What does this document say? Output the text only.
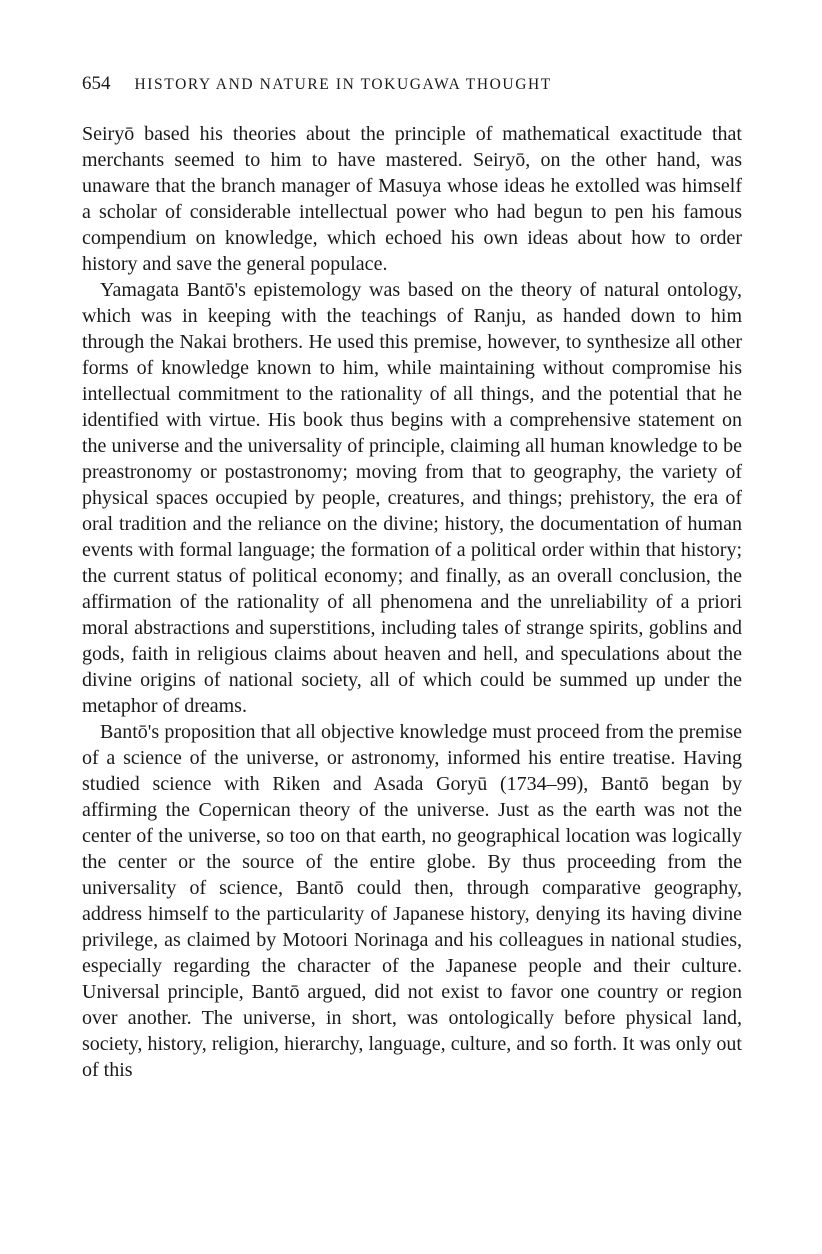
654 HISTORY AND NATURE IN TOKUGAWA THOUGHT

Seiryō based his theories about the principle of mathematical exactitude that merchants seemed to him to have mastered. Seiryō, on the other hand, was unaware that the branch manager of Masuya whose ideas he extolled was himself a scholar of considerable intellectual power who had begun to pen his famous compendium on knowledge, which echoed his own ideas about how to order history and save the general populace.

Yamagata Bantō's epistemology was based on the theory of natural ontology, which was in keeping with the teachings of Ranju, as handed down to him through the Nakai brothers. He used this premise, however, to synthesize all other forms of knowledge known to him, while maintaining without compromise his intellectual commitment to the rationality of all things, and the potential that he identified with virtue. His book thus begins with a comprehensive statement on the universe and the universality of principle, claiming all human knowledge to be preastronomy or postastronomy; moving from that to geography, the variety of physical spaces occupied by people, creatures, and things; prehistory, the era of oral tradition and the reliance on the divine; history, the documentation of human events with formal language; the formation of a political order within that history; the current status of political economy; and finally, as an overall conclusion, the affirmation of the rationality of all phenomena and the unreliability of a priori moral abstractions and superstitions, including tales of strange spirits, goblins and gods, faith in religious claims about heaven and hell, and speculations about the divine origins of national society, all of which could be summed up under the metaphor of dreams.

Bantō's proposition that all objective knowledge must proceed from the premise of a science of the universe, or astronomy, informed his entire treatise. Having studied science with Riken and Asada Goryū (1734–99), Bantō began by affirming the Copernican theory of the universe. Just as the earth was not the center of the universe, so too on that earth, no geographical location was logically the center or the source of the entire globe. By thus proceeding from the universality of science, Bantō could then, through comparative geography, address himself to the particularity of Japanese history, denying its having divine privilege, as claimed by Motoori Norinaga and his colleagues in national studies, especially regarding the character of the Japanese people and their culture. Universal principle, Bantō argued, did not exist to favor one country or region over another. The universe, in short, was ontologically before physical land, society, history, religion, hierarchy, language, culture, and so forth. It was only out of this
